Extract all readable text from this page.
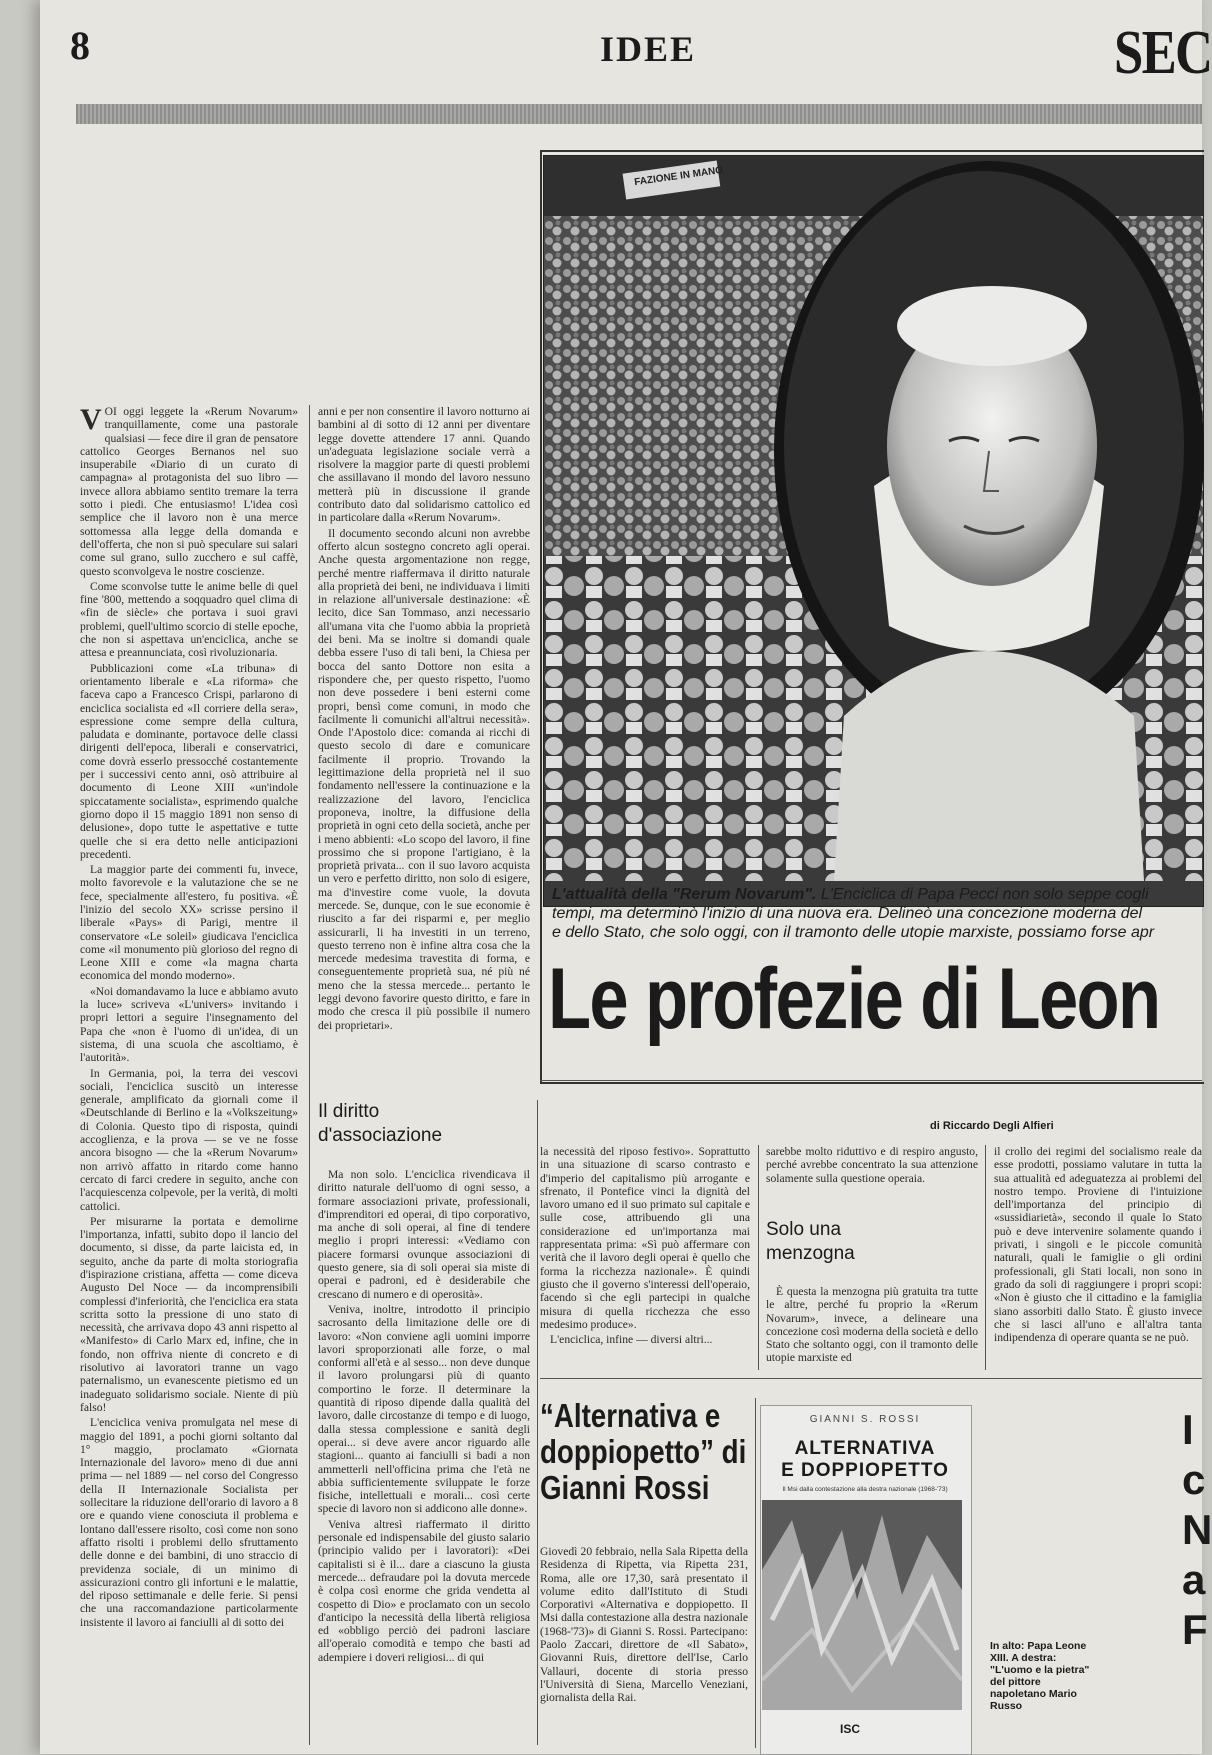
8	IDEE	SEC

VOI oggi leggete la «Rerum Novarum» tranquillamente, come una pastorale qualsiasi — fece dire il gran de pensatore cattolico Georges Bernanos nel suo insuperabile «Diario di un curato di campagna» al protagonista del suo libro — invece allora abbiamo sentito tremare la terra sotto i piedi. Che entusiasmo! L'idea così semplice che il lavoro non è una merce sottomessa alla legge della domanda e dell'offerta, che non si può speculare sui salari come sul grano, sullo zucchero e sul caffè, questo sconvolgeva le nostre coscienze.

Come sconvolse tutte le anime belle di quel fine '800, mettendo a soqquadro quel clima di «fin de siècle» che portava i suoi gravi problemi, quell'ultimo scorcio di stelle epoche, che non si aspettava un'enciclica, anche se attesa e preannunciata, così rivoluzionaria.

Pubblicazioni come «La tribuna» di orientamento liberale e «La riforma» che faceva capo a Francesco Crispi, parlarono di enciclica socialista ed «Il corriere della sera», espressione come sempre della cultura, paludata e dominante, portavoce delle classi dirigenti dell'epoca, liberali e conservatrici, come dovrà esserlo pressocché costantemente per i successivi cento anni, osò attribuire al documento di Leone XIII «un'indole spiccatamente socialista», esprimendo qualche giorno dopo il 15 maggio 1891 non senso di delusione», dopo tutte le aspettative e tutte quelle che si era detto nelle anticipazioni precedenti.

La maggior parte dei commenti fu, invece, molto favorevole e la valutazione che se ne fece, specialmente all'estero, fu positiva. «È l'inizio del secolo XX» scrisse persino il liberale «Pays» di Parigi, mentre il conservatore «Le soleil» giudicava l'enciclica come «il monumento più glorioso del regno di Leone XIII e come «la magna charta economica del mondo moderno».

«Noi domandavamo la luce e abbiamo avuto la luce» scriveva «L'univers» invitando i propri lettori a seguire l'insegnamento del Papa che «non è l'uomo di un'idea, di un sistema, di una scuola che ascoltiamo, è l'autorità».

In Germania, poi, la terra dei vescovi sociali, l'enciclica suscitò un interesse generale, amplificato da giornali come il «Deutschlande di Berlino e la «Volkszeitung» di Colonia. Questo tipo di risposta, quindi accoglienza, e la prova — se ve ne fosse ancora bisogno — che la «Rerum Novarum» non arrivò affatto in ritardo come hanno cercato di farci credere in seguito, anche con l'acquiescenza colpevole, per la verità, di molti cattolici.

Per misurarne la portata e demolirne l'importanza, infatti, subito dopo il lancio del documento, si disse, da parte laicista ed, in seguito, anche da parte di molta storiografia d'ispirazione cristiana, affetta — come diceva Augusto Del Noce — da incomprensibili complessi d'inferiorità, che l'enciclica era stata scritta sotto la pressione di uno stato di necessità, che arrivava dopo 43 anni rispetto al «Manifesto» di Carlo Marx ed, infine, che in fondo, non offriva niente di concreto e di risolutivo ai lavoratori tranne un vago paternalismo, un evanescente pietismo ed un inadeguato solidarismo sociale. Niente di più falso!

L'enciclica veniva promulgata nel mese di maggio del 1891, a pochi giorni soltanto dal 1° maggio, proclamato «Giornata Internazionale del lavoro» meno di due anni prima — nel 1889 — nel corso del Congresso della II Internazionale Socialista per sollecitare la riduzione dell'orario di lavoro a 8 ore e quando viene conosciuta il problema e lontano dall'essere risolto, così come non sono affatto risolti i problemi dello sfruttamento delle donne e dei bambini, di uno straccio di previdenza sociale, di un minimo di assicurazioni contro gli infortuni e le malattie, del riposo settimanale e delle ferie. Si pensi che una raccomandazione particolarmente insistente il lavoro ai fanciulli al di sotto dei

anni e per non consentire il lavoro notturno ai bambini al di sotto di 12 anni per diventare legge dovette attendere 17 anni. Quando un'adeguata legislazione sociale verrà a risolvere la maggior parte di questi problemi che assillavano il mondo del lavoro nessuno metterà più in discussione il grande contributo dato dal solidarismo cattolico ed in particolare dalla «Rerum Novarum».

Il documento secondo alcuni non avrebbe offerto alcun sostegno concreto agli operai. Anche questa argomentazione non regge, perché mentre riaffermava il diritto naturale alla proprietà dei beni, ne individuava i limiti in relazione all'universale destinazione: «È lecito, dice San Tommaso, anzi necessario all'umana vita che l'uomo abbia la proprietà dei beni. Ma se inoltre si domandi quale debba essere l'uso di tali beni, la Chiesa per bocca del santo Dottore non esita a rispondere che, per questo rispetto, l'uomo non deve possedere i beni esterni come propri, bensì come comuni, in modo che facilmente li comunichi all'altrui necessità». Onde l'Apostolo dice: comanda ai ricchi di questo secolo di dare e comunicare facilmente il proprio. Trovando la legittimazione della proprietà nel il suo fondamento nell'essere la continuazione e la realizzazione del lavoro, l'enciclica proponeva, inoltre, la diffusione della proprietà in ogni ceto della società, anche per i meno abbienti: «Lo scopo del lavoro, il fine prossimo che si propone l'artigiano, è la proprietà privata... con il suo lavoro acquista un vero e perfetto diritto, non solo di esigere, ma d'investire come vuole, la dovuta mercede. Se, dunque, con le sue economie è riuscito a far dei risparmi e, per meglio assicurarli, li ha investiti in un terreno, questo terreno non è infine altra cosa che la mercede medesima travestita di forma, e conseguentemente proprietà sua, né più né meno che la stessa mercede... pertanto le leggi devono favorire questo diritto, e fare in modo che cresca il più possibile il numero dei proprietari».

Il diritto d'associazione

Ma non solo. L'enciclica rivendicava il diritto naturale dell'uomo di ogni sesso, a formare associazioni private, professionali, d'imprenditori ed operai, di tipo corporativo, ma anche di soli operai, al fine di tendere meglio i propri interessi: «Vediamo con piacere formarsi ovunque associazioni di questo genere, sia di soli operai sia miste di operai e padroni, ed è desiderabile che crescano di numero e di operosità».

Veniva, inoltre, introdotto il principio sacrosanto della limitazione delle ore di lavoro: «Non conviene agli uomini imporre lavori sproporzionati alle forze, o mal conformi all'età e al sesso... non deve dunque il lavoro prolungarsi più di quanto comportino le forze. Il determinare la quantità di riposo dipende dalla qualità del lavoro, dalle circostanze di tempo e di luogo, dalla stessa complessione e sanità degli operai... si deve avere ancor riguardo alle stagioni... quanto ai fanciulli si badi a non ammetterli nell'officina prima che l'età ne abbia sufficientemente sviluppate le forze fisiche, intellettuali e morali... così certe specie di lavoro non si addicono alle donne».

Veniva altresì riaffermato il diritto personale ed indispensabile del giusto salario (principio valido per i lavoratori): «Dei capitalisti si è il... dare a ciascuno la giusta mercede... defraudare poi la dovuta mercede è colpa così enorme che grida vendetta al cospetto di Dio» e proclamato con un secolo d'anticipo la necessità della libertà religiosa ed «obbligo perciò dei padroni lasciare all'operaio comodità e tempo che basti ad adempiere i doveri religiosi... di qui

FAZIONE IN MANO
L'attualità della "Rerum Novarum". L'Enciclica di Papa Pecci non solo seppe cogli
tempi, ma determinò l'inizio di una nuova era. Delineò una concezione moderna del
e dello Stato, che solo oggi, con il tramonto delle utopie marxiste, possiamo forse apr
Le profezie di Leon
di Riccardo Degli Alfieri

la necessità del riposo festivo». Soprattutto in una situazione di scarso contrasto e d'imperio del capitalismo più arrogante e sfrenato, il Pontefice vinci la dignità del lavoro umano ed il suo primato sul capitale e sulle cose, attribuendo gli una considerazione ed un'importanza mai rappresentata prima: «Sì può affermare con verità che il lavoro degli operai è quello che forma la ricchezza nazionale». È quindi giusto che il governo s'interessi dell'operaio, facendo sì che egli partecipi in qualche misura di quella ricchezza che esso medesimo produce».

L'enciclica, infine — diversi altri...

sarebbe molto riduttivo e di respiro angusto, perché avrebbe concentrato la sua attenzione solamente sulla questione operaia.

Solo una menzogna

È questa la menzogna più gratuita tra tutte le altre, perché fu proprio la «Rerum Novarum», invece, a delineare una concezione così moderna della società e dello Stato che soltanto oggi, con il tramonto delle utopie marxiste ed

il crollo dei regimi del socialismo reale da esse prodotti, possiamo valutare in tutta la sua attualità ed adeguatezza ai problemi del nostro tempo. Proviene di l'intuizione dell'importanza del principio di «sussidiarietà», secondo il quale lo Stato può e deve intervenire solamente quando i privati, i singoli e le piccole comunità naturali, quali le famiglie o gli ordini professionali, gli Stati locali, non sono in grado da soli di raggiungere i propri scopi: «Non è giusto che il cittadino e la famiglia siano assorbiti dallo Stato. È giusto invece che si lasci all'uno e all'altra tanta indipendenza di operare quanta se ne può.

“Alternativa e doppiopetto” di Gianni Rossi
Giovedì 20 febbraio, nella Sala Ripetta della Residenza di Ripetta, via Ripetta 231, Roma, alle ore 17,30, sarà presentato il volume edito dall'Istituto di Studi Corporativi «Alternativa e doppiopetto. Il Msi dalla contestazione alla destra nazionale (1968-'73)» di Gianni S. Rossi. Partecipano: Paolo Zaccari, direttore de «Il Sabato», Giovanni Ruis, direttore dell'Ise, Carlo Vallauri, docente di storia presso l'Università di Siena, Marcello Veneziani, giornalista della Rai.
GIANNI S. ROSSI
ALTERNATIVA
E DOPPIOPETTO
Il Msi dalla contestazione alla destra nazionale (1968-'73)
ISC
In alto: Papa Leone XIII. A destra: "L'uomo e la pietra" del pittore napoletano Mario Russo
I
c
N
a
F
